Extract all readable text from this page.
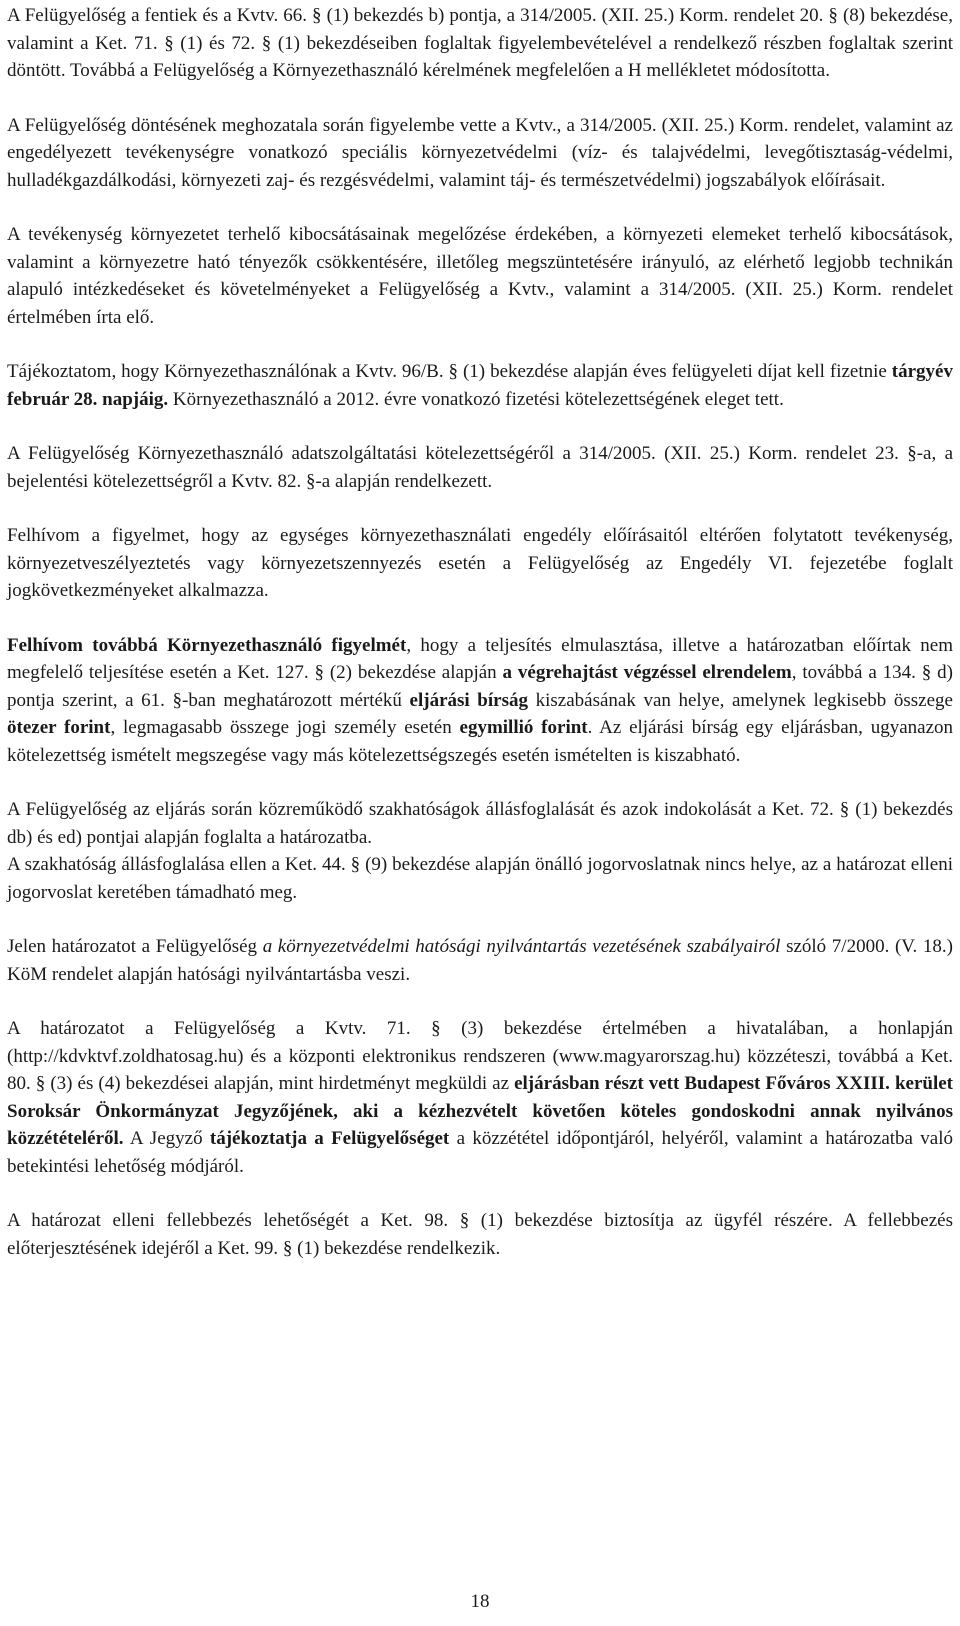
A Felügyelőség a fentiek és a Kvtv. 66. § (1) bekezdés b) pontja, a 314/2005. (XII. 25.) Korm. rendelet 20. § (8) bekezdése, valamint a Ket. 71. § (1) és 72. § (1) bekezdéseiben foglaltak figyelembevételével a rendelkező részben foglaltak szerint döntött. Továbbá a Felügyelőség a Környezethasználó kérelmének megfelelően a H mellékletet módosította.

A Felügyelőség döntésének meghozatala során figyelembe vette a Kvtv., a 314/2005. (XII. 25.) Korm. rendelet, valamint az engedélyezett tevékenységre vonatkozó speciális környezetvédelmi (víz- és talajvédelmi, levegőtisztaság-védelmi, hulladékgazdálkodási, környezeti zaj- és rezgésvédelmi, valamint táj- és természetvédelmi) jogszabályok előírásait.

A tevékenység környezetet terhelő kibocsátásainak megelőzése érdekében, a környezeti elemeket terhelő kibocsátások, valamint a környezetre ható tényezők csökkentésére, illetőleg megszüntetésére irányuló, az elérhető legjobb technikán alapuló intézkedéseket és követelményeket a Felügyelőség a Kvtv., valamint a 314/2005. (XII. 25.) Korm. rendelet értelmében írta elő.

Tájékoztatom, hogy Környezethasználónak a Kvtv. 96/B. § (1) bekezdése alapján éves felügyeleti díjat kell fizetnie tárgyév február 28. napjáig. Környezethasználó a 2012. évre vonatkozó fizetési kötelezettségének eleget tett.

A Felügyelőség Környezethasználó adatszolgáltatási kötelezettségéről a 314/2005. (XII. 25.) Korm. rendelet 23. §-a, a bejelentési kötelezettségről a Kvtv. 82. §-a alapján rendelkezett.

Felhívom a figyelmet, hogy az egységes környezethasználati engedély előírásaitól eltérően folytatott tevékenység, környezetveszélyeztetés vagy környezetszennyezés esetén a Felügyelőség az Engedély VI. fejezetébe foglalt jogkövetkezményeket alkalmazza.

Felhívom továbbá Környezethasználó figyelmét, hogy a teljesítés elmulasztása, illetve a határozatban előírtak nem megfelelő teljesítése esetén a Ket. 127. § (2) bekezdése alapján a végrehajtást végzéssel elrendelem, továbbá a 134. § d) pontja szerint, a 61. §-ban meghatározott mértékű eljárási bírság kiszabásának van helye, amelynek legkisebb összege ötezer forint, legmagasabb összege jogi személy esetén egymillió forint. Az eljárási bírság egy eljárásban, ugyanazon kötelezettség ismételt megszegése vagy más kötelezettségszegés esetén ismételten is kiszabható.

A Felügyelőség az eljárás során közreműködő szakhatóságok állásfoglalását és azok indokolását a Ket. 72. § (1) bekezdés db) és ed) pontjai alapján foglalta a határozatba.

A szakhatóság állásfoglalása ellen a Ket. 44. § (9) bekezdése alapján önálló jogorvoslatnak nincs helye, az a határozat elleni jogorvoslat keretében támadható meg.

Jelen határozatot a Felügyelőség a környezetvédelmi hatósági nyilvántartás vezetésének szabályairól szóló 7/2000. (V. 18.) KöM rendelet alapján hatósági nyilvántartásba veszi.

A határozatot a Felügyelőség a Kvtv. 71. § (3) bekezdése értelmében a hivatalában, a honlapján (http://kdvktvf.zoldhatosag.hu) és a központi elektronikus rendszeren (www.magyarorszag.hu) közzéteszi, továbbá a Ket. 80. § (3) és (4) bekezdései alapján, mint hirdetményt megküldi az eljárásban részt vett Budapest Főváros XXIII. kerület Soroksár Önkormányzat Jegyzőjének, aki a kézhezvételt követően köteles gondoskodni annak nyilvános közzétételéről. A Jegyző tájékoztatja a Felügyelőséget a közzététel időpontjáról, helyéről, valamint a határozatba való betekintési lehetőség módjáról.

A határozat elleni fellebbezés lehetőségét a Ket. 98. § (1) bekezdése biztosítja az ügyfél részére. A fellebbezés előterjesztésének idejéről a Ket. 99. § (1) bekezdése rendelkezik.

18
